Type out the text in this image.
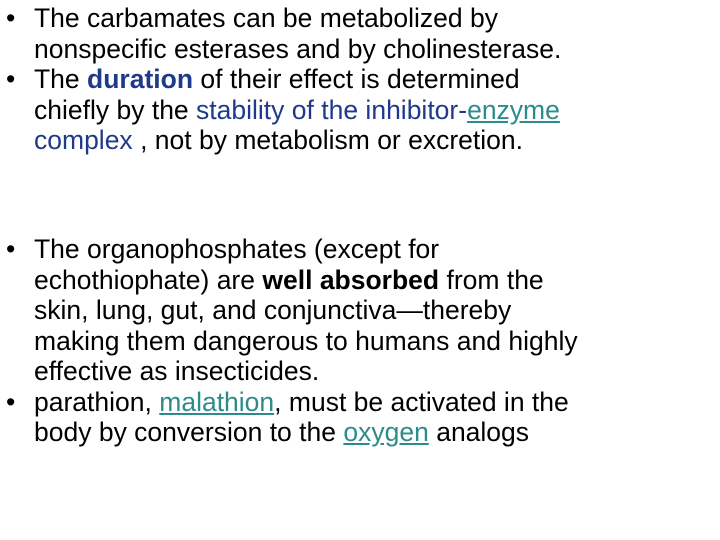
• The carbamates can be metabolized by
nonspecific esterases and by cholinesterase.
• The duration of their effect is determined
chiefly by the stability of the inhibitor-enzyme
complex , not by metabolism or excretion.
• The organophosphates (except for
echothiophate) are well absorbed from the
skin, lung, gut, and conjunctiva—thereby
making them dangerous to humans and highly
effective as insecticides.
• parathion, malathion, must be activated in the
body by conversion to the oxygen analogs
